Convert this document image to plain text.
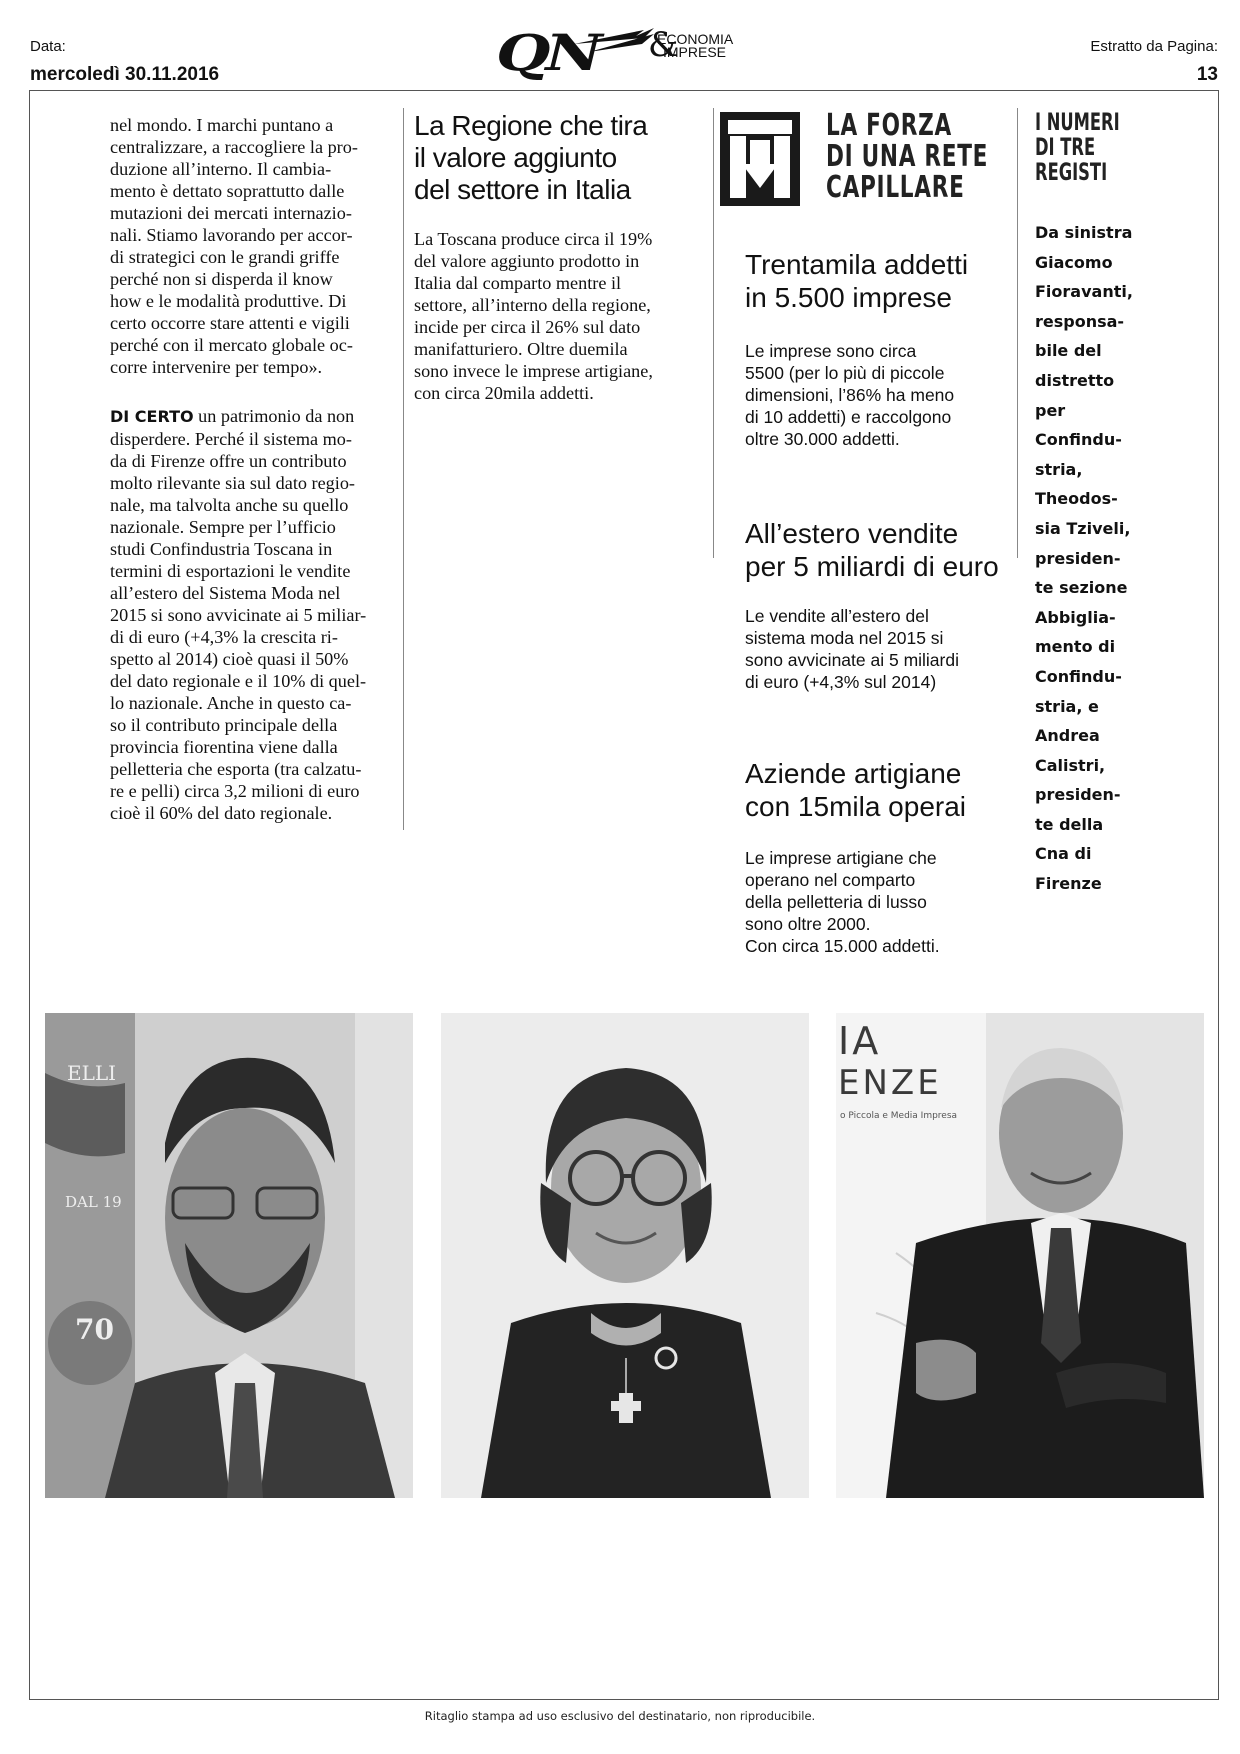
Data:
mercoledì 30.11.2016	QN &
ECONOMIA
IMPRESE	Estratto da Pagina:
13
nel mondo. I marchi puntano a
centralizzare, a raccogliere la pro-
duzione all’interno. Il cambia-
mento è dettato soprattutto dalle
mutazioni dei mercati internazio-
nali. Stiamo lavorando per accor-
di strategici con le grandi griffe
perché non si disperda il know
how e le modalità produttive. Di
certo occorre stare attenti e vigili
perché con il mercato globale oc-
corre intervenire per tempo».
DI CERTO un patrimonio da non
disperdere. Perché il sistema mo-
da di Firenze offre un contributo
molto rilevante sia sul dato regio-
nale, ma talvolta anche su quello
nazionale. Sempre per l’ufficio
studi Confindustria Toscana in
termini di esportazioni le vendite
all’estero del Sistema Moda nel
2015 si sono avvicinate ai 5 miliar-
di di euro (+4,3% la crescita ri-
spetto al 2014) cioè quasi il 50%
del dato regionale e il 10% di quel-
lo nazionale. Anche in questo ca-
so il contributo principale della
provincia fiorentina viene dalla
pelletteria che esporta (tra calzatu-
re e pelli) circa 3,2 milioni di euro
cioè il 60% del dato regionale.
La Regione che tira
il valore aggiunto
del settore in Italia
La Toscana produce circa il 19%
del valore aggiunto prodotto in
Italia dal comparto mentre il
settore, all’interno della regione,
incide per circa il 26% sul dato
manifatturiero. Oltre duemila
sono invece le imprese artigiane,
con circa 20mila addetti.
LA FORZA
DI UNA RETE
CAPILLARE
Trentamila addetti
in 5.500 imprese
Le imprese sono circa
5500 (per lo più di piccole
dimensioni, l’86% ha meno
di 10 addetti) e raccolgono
oltre 30.000 addetti.
All’estero vendite
per 5 miliardi di euro
Le vendite all’estero del
sistema moda nel 2015 si
sono avvicinate ai 5 miliardi
di euro (+4,3% sul 2014)
Aziende artigiane
con 15mila operai
Le imprese artigiane che
operano nel comparto
della pelletteria di lusso
sono oltre 2000.
Con circa 15.000 addetti.
I NUMERI
DI TRE
REGISTI
Da sinistra
Giacomo
Fioravanti,
responsa-
bile del
distretto
per
Confindu-
stria,
Theodos-
sia Tziveli,
presiden-
te sezione
Abbiglia-
mento di
Confindu-
stria, e
Andrea
Calistri,
presiden-
te della
Cna di
Firenze
ELLI
DAL 19
70
IA
ENZE
o Piccola e Media Impresa
Ritaglio stampa ad uso esclusivo del destinatario, non riproducibile.
